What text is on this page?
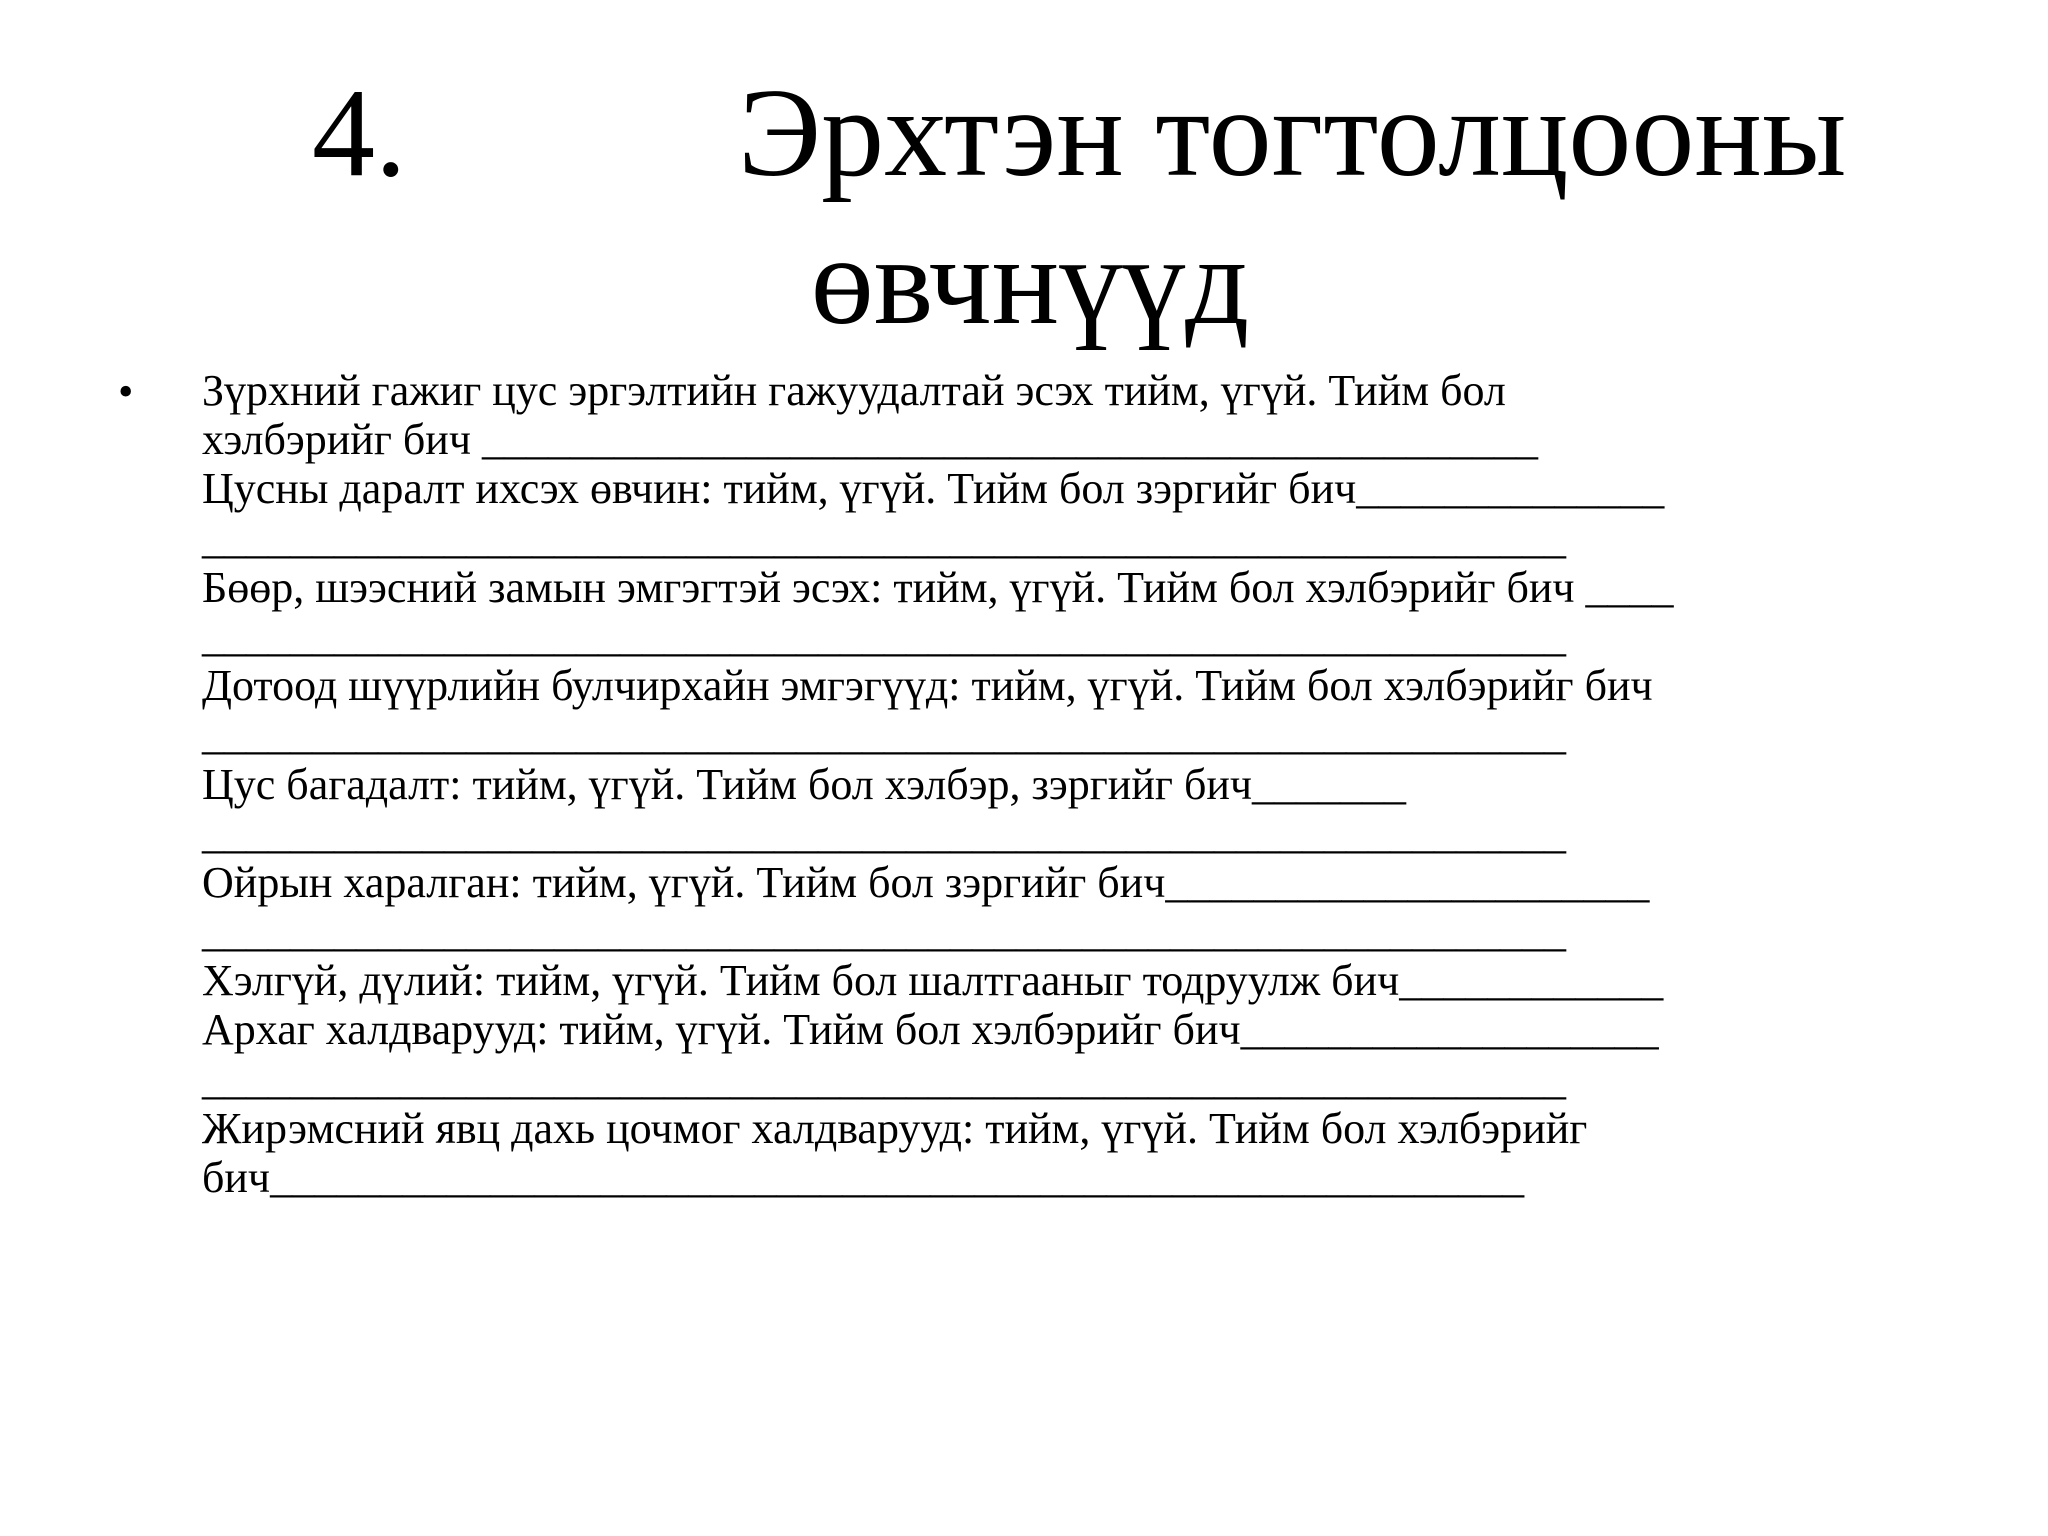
4.	Эрхтэн тогтолцооны
өвчнүүд
• Зүрхний гажиг цус эргэлтийн гажуудалтай эсэх тийм, үгүй. Тийм бол
хэлбэрийг бич ________________________________________________
Цусны даралт ихсэх өвчин: тийм, үгүй. Тийм бол зэргийг бич______________
______________________________________________________________
Бөөр, шээсний замын эмгэгтэй эсэх: тийм, үгүй. Тийм бол хэлбэрийг бич ____
______________________________________________________________
Дотоод шүүрлийн булчирхайн эмгэгүүд: тийм, үгүй. Тийм бол хэлбэрийг бич
______________________________________________________________
Цус багадалт: тийм, үгүй. Тийм бол хэлбэр, зэргийг бич_______
______________________________________________________________
Ойрын харалган: тийм, үгүй. Тийм бол зэргийг бич______________________
______________________________________________________________
Хэлгүй, дүлий: тийм, үгүй. Тийм бол шалтгааныг тодруулж бич____________
Архаг халдварууд: тийм, үгүй. Тийм бол хэлбэрийг бич___________________
______________________________________________________________
Жирэмсний явц дахь цочмог халдварууд: тийм, үгүй. Тийм бол хэлбэрийг
бич_________________________________________________________
